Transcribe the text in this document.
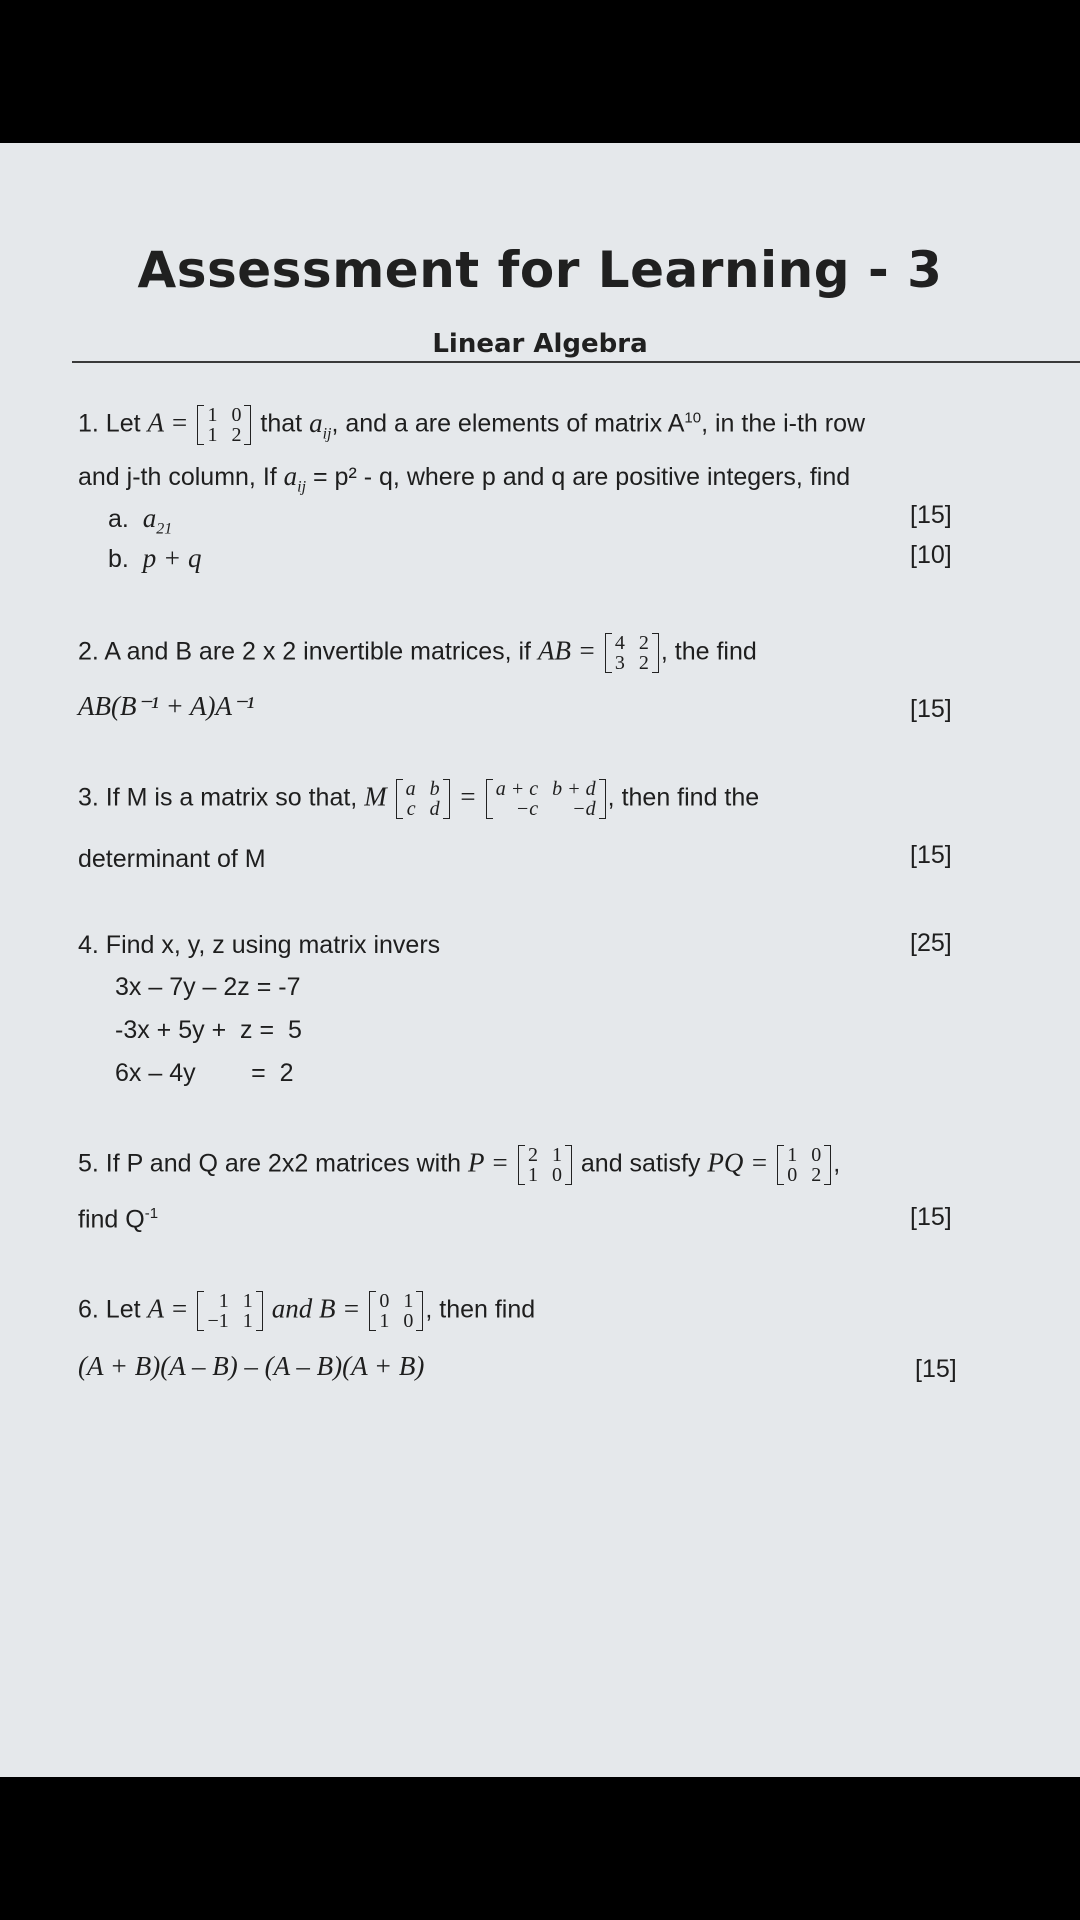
Assessment for Learning - 3
Linear Algebra
1. Let A = 1 0
1 2 that $a_{ij}$, and a are elements of matrix $A^{10}$, in the i-th row
and j-th column, If $a_{ij} = p^2 - q$, where p and q are positive integers, find
a. $a_{21}$	[15]
b. p + q	[10]
2. A and B are 2 x 2 invertible matrices, if AB = 4 2
3 2 , the find
AB(B⁻¹ + A)A⁻¹	[15]
3. If M is a matrix so that, M a b
c d = a + c b + d
−c	−d , then find the
determinant of M	[15]
4. Find x, y, z using matrix invers	[25]
3x – 7y – 2z = -7
-3x + 5y +  z =  5
6x – 4y        =  2
5. If P and Q are 2x2 matrices with P = 2 1
1 0 and satisfy PQ = 1 0
0 2 ,
find $Q^{-1}$	[15]
6. Let A =	1 1
−1 1 and B = 0 1
1 0 , then find
(A + B)(A – B) – (A – B)(A + B)	[15]
